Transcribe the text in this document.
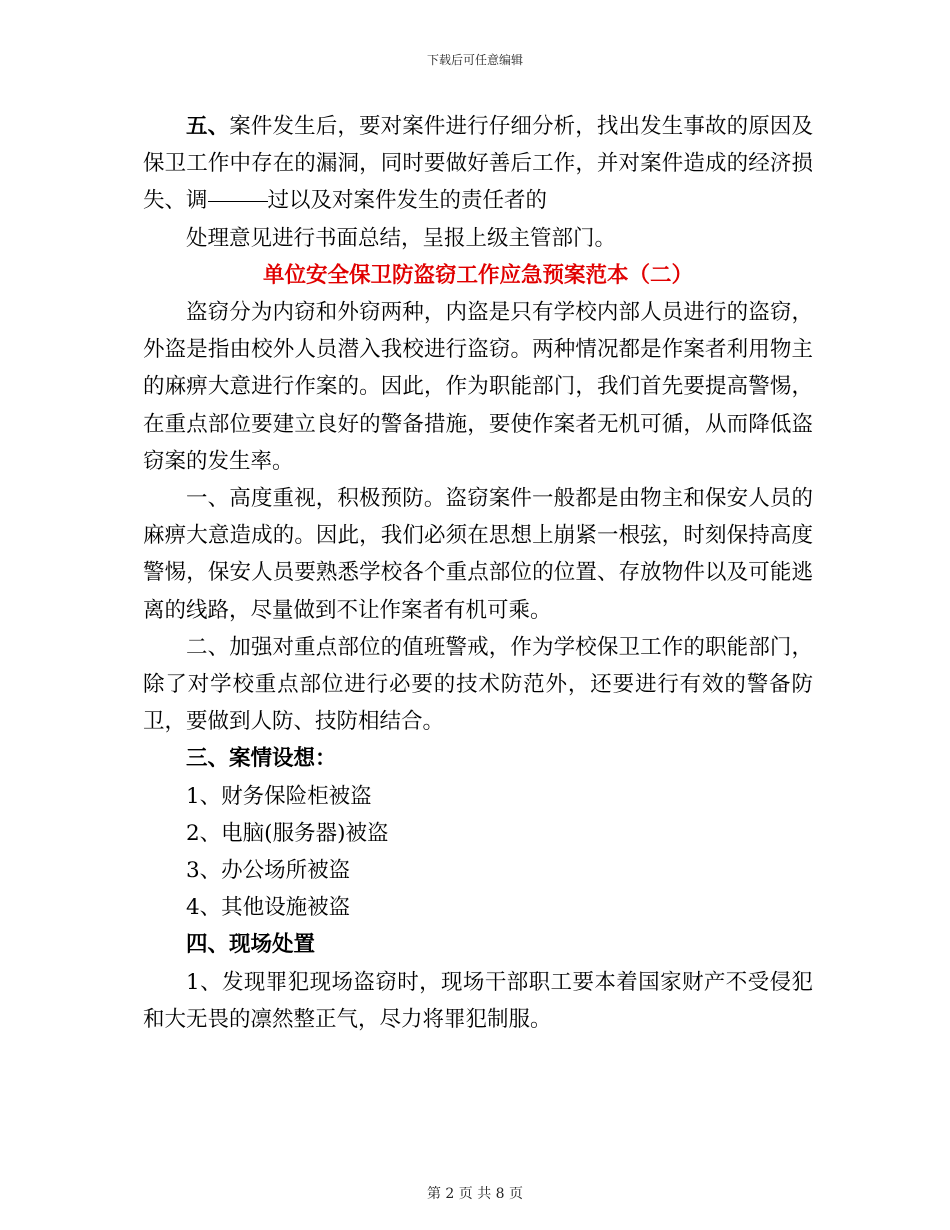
下载后可任意编辑

五、案件发生后，要对案件进行仔细分析，找出发生事故的原因及保卫工作中存在的漏洞，同时要做好善后工作，并对案件造成的经济损失、调	过以及对案件发生的责任者的

处理意见进行书面总结，呈报上级主管部门。

单位安全保卫防盗窃工作应急预案范本（二）

盗窃分为内窃和外窃两种，内盗是只有学校内部人员进行的盗窃，外盗是指由校外人员潜入我校进行盗窃。两种情况都是作案者利用物主的麻痹大意进行作案的。因此，作为职能部门，我们首先要提高警惕，在重点部位要建立良好的警备措施，要使作案者无机可循，从而降低盗窃案的发生率。

一、高度重视，积极预防。盗窃案件一般都是由物主和保安人员的麻痹大意造成的。因此，我们必须在思想上崩紧一根弦，时刻保持高度警惕，保安人员要熟悉学校各个重点部位的位置、存放物件以及可能逃离的线路，尽量做到不让作案者有机可乘。

二、加强对重点部位的值班警戒，作为学校保卫工作的职能部门，除了对学校重点部位进行必要的技术防范外，还要进行有效的警备防卫，要做到人防、技防相结合。

三、案情设想：

1、财务保险柜被盗

2、电脑(服务器)被盗

3、办公场所被盗

4、其他设施被盗

四、现场处置

1、发现罪犯现场盗窃时，现场干部职工要本着国家财产不受侵犯和大无畏的凛然整正气，尽力将罪犯制服。

第 2 页 共 8 页
